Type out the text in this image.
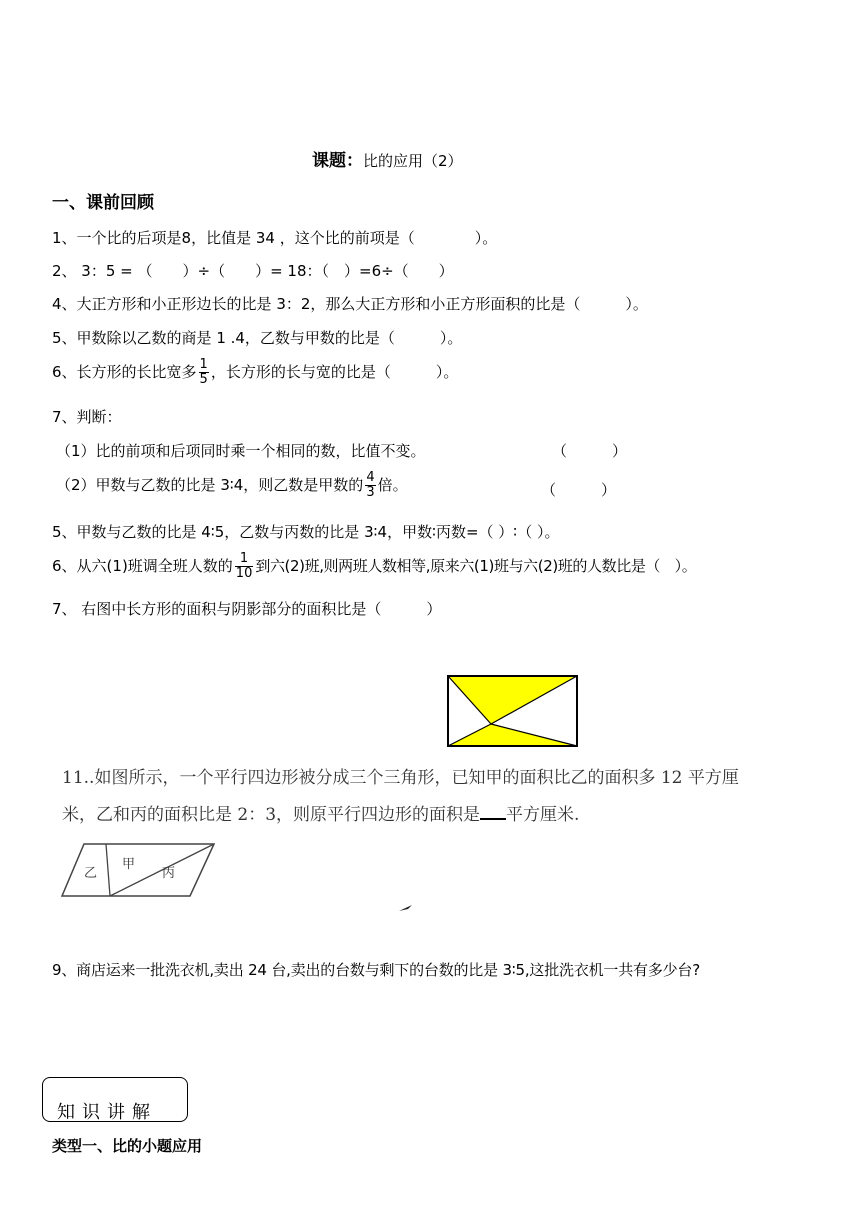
课题：比的应用（2）
一、课前回顾
1、一个比的后项是8，比值是 34 ，这个比的前项是（　　　　）。
2、 3：5 = （　　）÷（　　）= 18：（　）=6÷（　　）
4、大正方形和小正形边长的比是 3：2，那么大正方形和小正方形面积的比是（　　　）。
5、甲数除以乙数的商是 1 .4，乙数与甲数的比是（　　　）。
6、长方形的长比宽多 $\frac{1}{5}$ ，长方形的长与宽的比是（　　　）。
7、判断：
（1）比的前项和后项同时乘一个相同的数，比值不变。	（　　　）
（2）甲数与乙数的比是 3∶4，则乙数是甲数的 $\frac{4}{3}$ 倍。	（　　　）
5、甲数与乙数的比是 4∶5，乙数与丙数的比是 3∶4，甲数∶丙数=（ ）∶（ ）。
6、从六(1)班调全班人数的 $\frac{1}{10}$ 到六(2)班,则两班人数相等,原来六(1)班与六(2)班的人数比是（　）。
7、 右图中长方形的面积与阴影部分的面积比是（　　　）
11..如图所示，一个平行四边形被分成三个三角形，已知甲的面积比乙的面积多 12 平方厘
米，乙和丙的面积比是 2：3，则原平行四边形的面积是 平方厘米.
乙
甲
丙
9、商店运来一批洗衣机,卖出 24 台,卖出的台数与剩下的台数的比是 3∶5,这批洗衣机一共有多少台?
知识讲解
类型一、比的小题应用
